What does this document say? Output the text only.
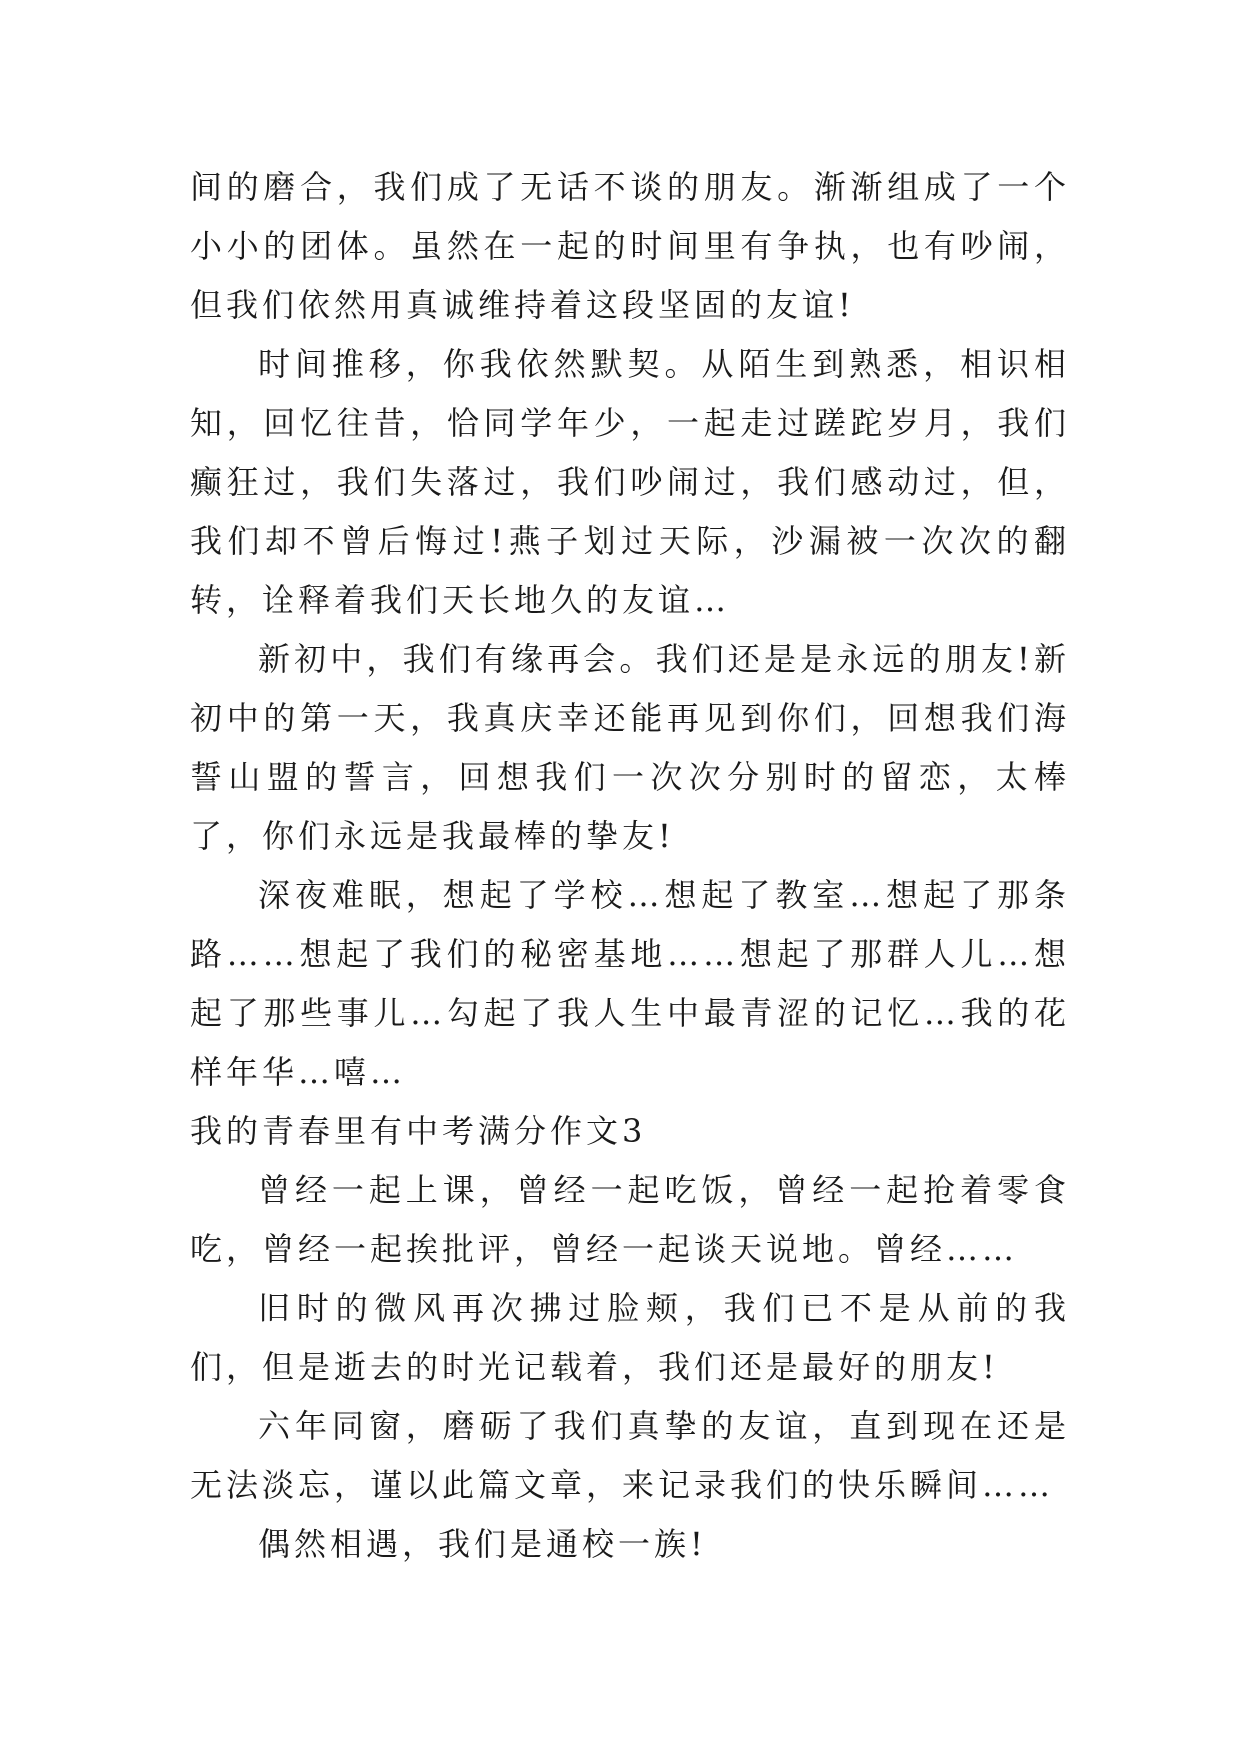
间的磨合，我们成了无话不谈的朋友。渐渐组成了一个小小的团体。虽然在一起的时间里有争执，也有吵闹，但我们依然用真诚维持着这段坚固的友谊!

时间推移，你我依然默契。从陌生到熟悉，相识相知，回忆往昔，恰同学年少，一起走过蹉跎岁月，我们癫狂过，我们失落过，我们吵闹过，我们感动过，但，我们却不曾后悔过!燕子划过天际，沙漏被一次次的翻转，诠释着我们天长地久的友谊…

新初中，我们有缘再会。我们还是是永远的朋友!新初中的第一天，我真庆幸还能再见到你们，回想我们海誓山盟的誓言，回想我们一次次分别时的留恋，太棒了，你们永远是我最棒的挚友!

深夜难眠，想起了学校…想起了教室…想起了那条路……想起了我们的秘密基地……想起了那群人儿…想起了那些事儿…勾起了我人生中最青涩的记忆…我的花样年华…嘻…

我的青春里有中考满分作文3

曾经一起上课，曾经一起吃饭，曾经一起抢着零食吃，曾经一起挨批评，曾经一起谈天说地。曾经……

旧时的微风再次拂过脸颊，我们已不是从前的我们，但是逝去的时光记载着，我们还是最好的朋友!

六年同窗，磨砺了我们真挚的友谊，直到现在还是无法淡忘，谨以此篇文章，来记录我们的快乐瞬间……

偶然相遇，我们是通校一族!
